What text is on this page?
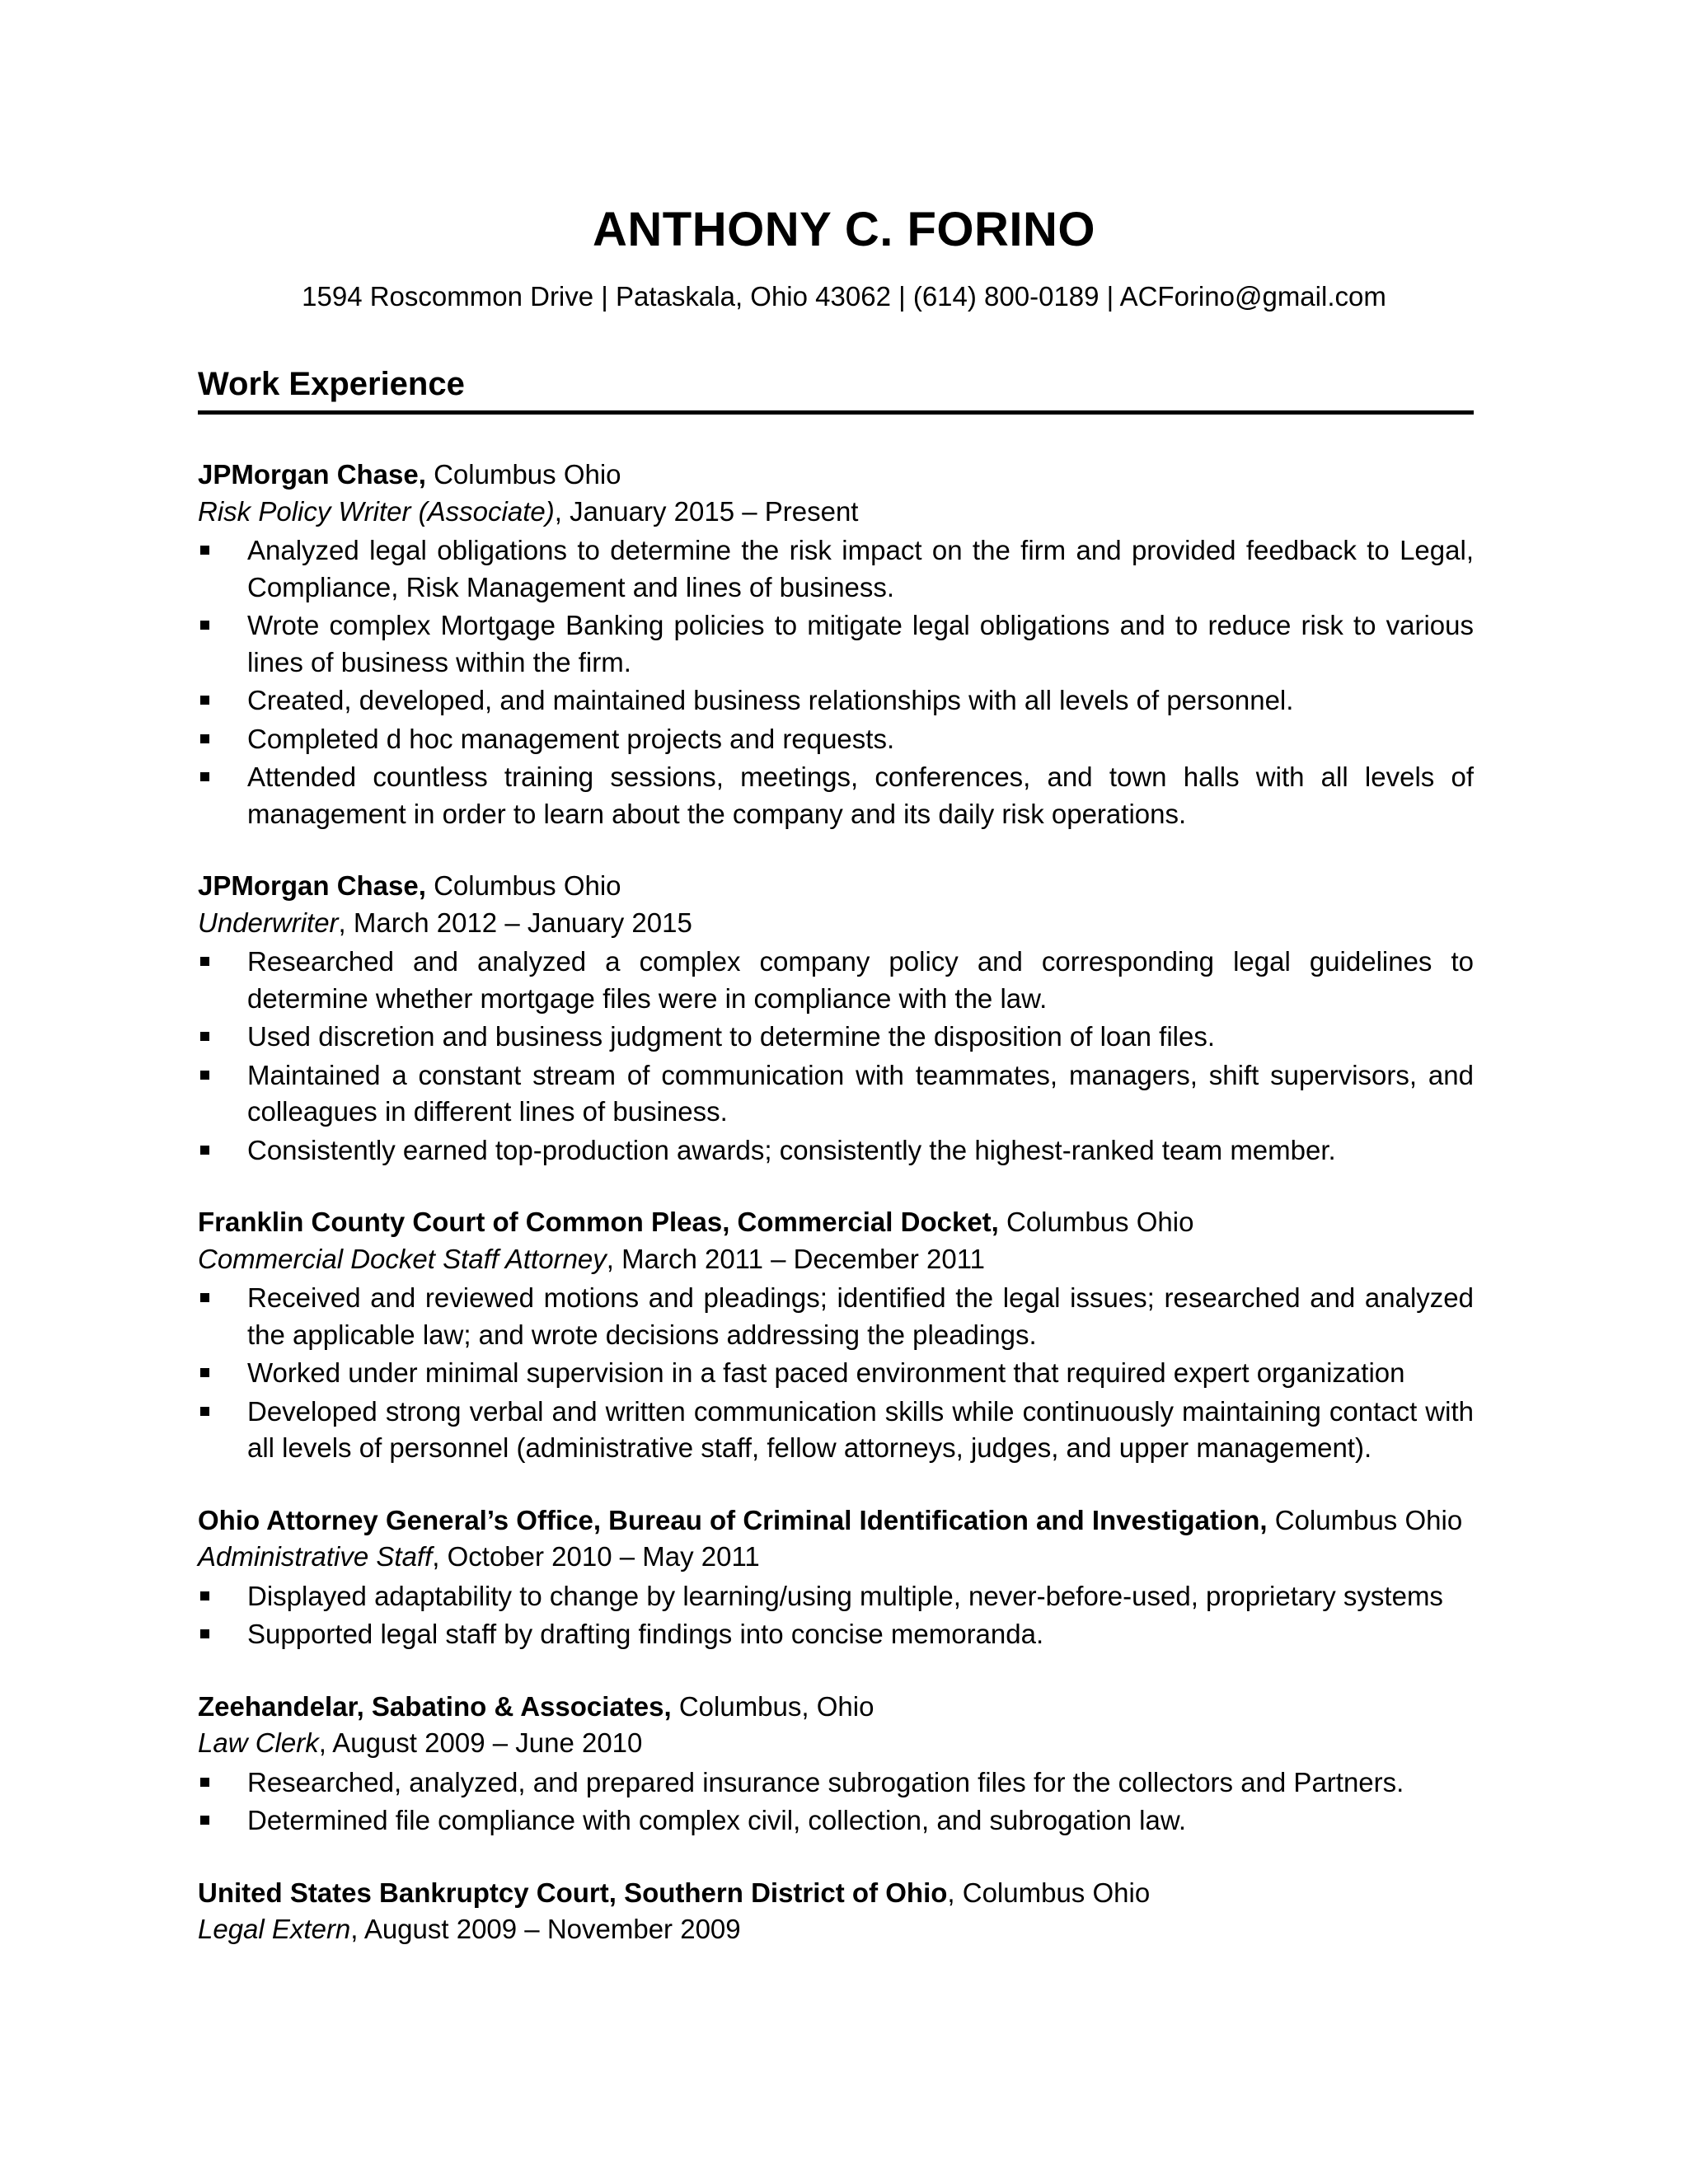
ANTHONY C. FORINO
1594 Roscommon Drive | Pataskala, Ohio 43062 | (614) 800-0189 | ACForino@gmail.com
Work Experience
JPMorgan Chase, Columbus Ohio
Risk Policy Writer (Associate), January 2015 – Present
Analyzed legal obligations to determine the risk impact on the firm and provided feedback to Legal, Compliance, Risk Management and lines of business.
Wrote complex Mortgage Banking policies to mitigate legal obligations and to reduce risk to various lines of business within the firm.
Created, developed, and maintained business relationships with all levels of personnel.
Completed d hoc management projects and requests.
Attended countless training sessions, meetings, conferences, and town halls with all levels of management in order to learn about the company and its daily risk operations.
JPMorgan Chase, Columbus Ohio
Underwriter, March 2012 – January 2015
Researched and analyzed a complex company policy and corresponding legal guidelines to determine whether mortgage files were in compliance with the law.
Used discretion and business judgment to determine the disposition of loan files.
Maintained a constant stream of communication with teammates, managers, shift supervisors, and colleagues in different lines of business.
Consistently earned top-production awards; consistently the highest-ranked team member.
Franklin County Court of Common Pleas, Commercial Docket, Columbus Ohio
Commercial Docket Staff Attorney, March 2011 – December 2011
Received and reviewed motions and pleadings; identified the legal issues; researched and analyzed the applicable law; and wrote decisions addressing the pleadings.
Worked under minimal supervision in a fast paced environment that required expert organization
Developed strong verbal and written communication skills while continuously maintaining contact with all levels of personnel (administrative staff, fellow attorneys, judges, and upper management).
Ohio Attorney General’s Office, Bureau of Criminal Identification and Investigation, Columbus Ohio
Administrative Staff, October 2010 – May 2011
Displayed adaptability to change by learning/using multiple, never-before-used, proprietary systems
Supported legal staff by drafting findings into concise memoranda.
Zeehandelar, Sabatino & Associates, Columbus, Ohio
Law Clerk, August 2009 – June 2010
Researched, analyzed, and prepared insurance subrogation files for the collectors and Partners.
Determined file compliance with complex civil, collection, and subrogation law.
United States Bankruptcy Court, Southern District of Ohio, Columbus Ohio
Legal Extern, August 2009 – November 2009
